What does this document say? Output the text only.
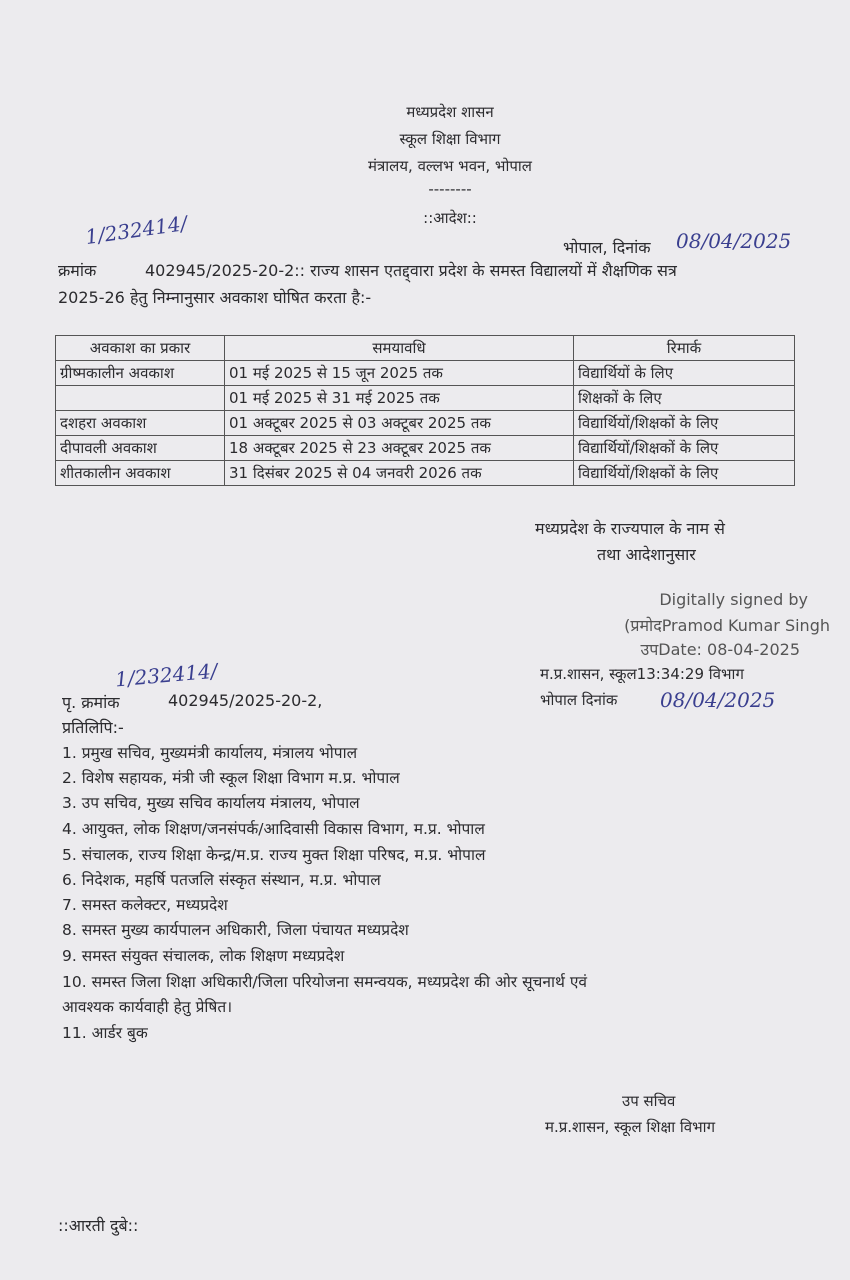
मध्यप्रदेश शासन
स्कूल शिक्षा विभाग
मंत्रालय, वल्लभ भवन, भोपाल
--------
::आदेश::
1/232414/	भोपाल, दिनांक 08/04/2025
क्रमांक	402945/2025-20-2:: राज्य शासन एतद्द्वारा प्रदेश के समस्त विद्यालयों में शैक्षणिक सत्र
2025-26 हेतु निम्नानुसार अवकाश घोषित करता है:-
अवकाश का प्रकार	समयावधि	रिमार्क
ग्रीष्मकालीन अवकाश	01 मई 2025 से 15 जून 2025 तक	विद्यार्थियों के लिए
	01 मई 2025 से 31 मई 2025 तक	शिक्षकों के लिए
दशहरा अवकाश	01 अक्टूबर 2025 से 03 अक्टूबर 2025 तक	विद्यार्थियों/शिक्षकों के लिए
दीपावली अवकाश	18 अक्टूबर 2025 से 23 अक्टूबर 2025 तक	विद्यार्थियों/शिक्षकों के लिए
शीतकालीन अवकाश	31 दिसंबर 2025 से 04 जनवरी 2026 तक	विद्यार्थियों/शिक्षकों के लिए
मध्यप्रदेश के राज्यपाल के नाम से
तथा आदेशानुसार
Digitally signed by
(प्रमोदPramod Kumar Singh
उपDate: 08-04-2025
म.प्र.शासन, स्कूल13:34:29 विभाग
भोपाल दिनांक 08/04/2025
1/232414/
पृ. क्रमांक	402945/2025-20-2,
प्रतिलिपि:-
1. प्रमुख सचिव, मुख्यमंत्री कार्यालय, मंत्रालय भोपाल
2. विशेष सहायक, मंत्री जी स्कूल शिक्षा विभाग म.प्र. भोपाल
3. उप सचिव, मुख्य सचिव कार्यालय मंत्रालय, भोपाल
4. आयुक्त, लोक शिक्षण/जनसंपर्क/आदिवासी विकास विभाग, म.प्र. भोपाल
5. संचालक, राज्य शिक्षा केन्द्र/म.प्र. राज्य मुक्त शिक्षा परिषद, म.प्र. भोपाल
6. निदेशक, महर्षि पतजलि संस्कृत संस्थान, म.प्र. भोपाल
7. समस्त कलेक्टर, मध्यप्रदेश
8. समस्त मुख्य कार्यपालन अधिकारी, जिला पंचायत मध्यप्रदेश
9. समस्त संयुक्त संचालक, लोक शिक्षण मध्यप्रदेश
10. समस्त जिला शिक्षा अधिकारी/जिला परियोजना समन्वयक, मध्यप्रदेश की ओर सूचनार्थ एवं
आवश्यक कार्यवाही हेतु प्रेषित।
11. आर्डर बुक
उप सचिव
म.प्र.शासन, स्कूल शिक्षा विभाग
::आरती दुबे::
